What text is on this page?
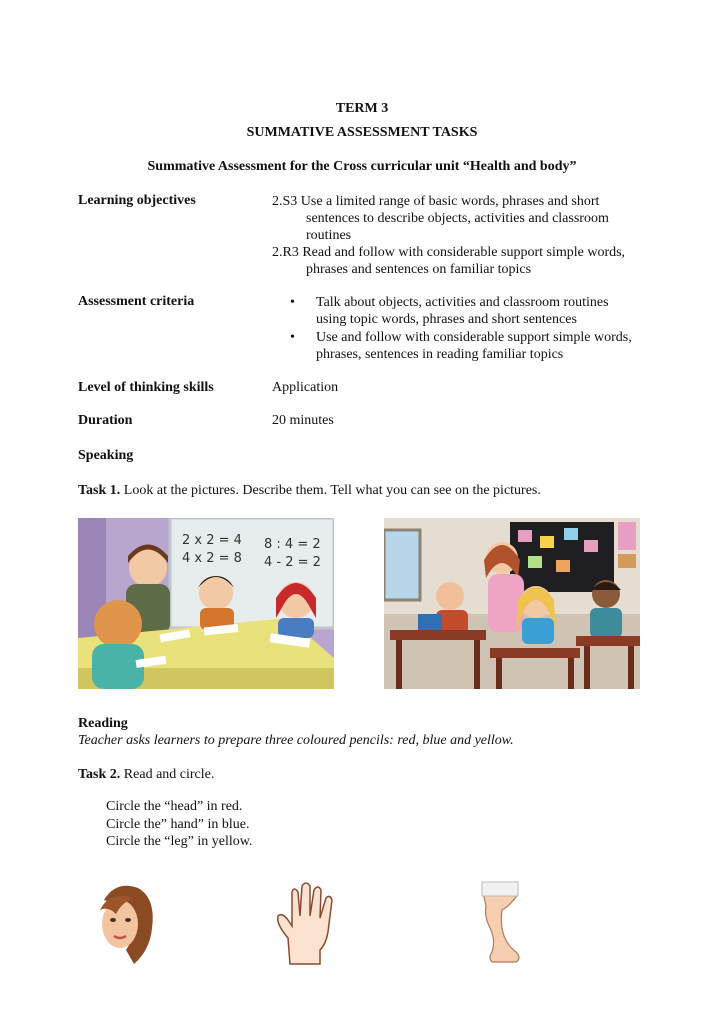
TERM 3
SUMMATIVE ASSESSMENT TASKS
Summative Assessment for the Cross curricular unit “Health and body”
Learning objectives	2.S3 Use a limited range of basic words, phrases and short
sentences to describe objects, activities and classroom
routines
2.R3 Read and follow with considerable support simple words,
phrases and sentences on familiar topics
Assessment criteria	• Talk about objects, activities and classroom routines
using topic words, phrases and short sentences
• Use and follow with considerable support simple words,
phrases, sentences in reading familiar topics
Level of thinking skills	Application
Duration	20 minutes
Speaking
Task 1. Look at the pictures. Describe them. Tell what you can see on the pictures.
2 x 2 = 4
4 x 2 = 8
8 : 4 = 2
4 - 2 = 2
Reading
Teacher asks learners to prepare three coloured pencils: red, blue and yellow.
Task 2. Read and circle.
Circle the “head” in red.
Circle the” hand” in blue.
Circle the “leg” in yellow.
